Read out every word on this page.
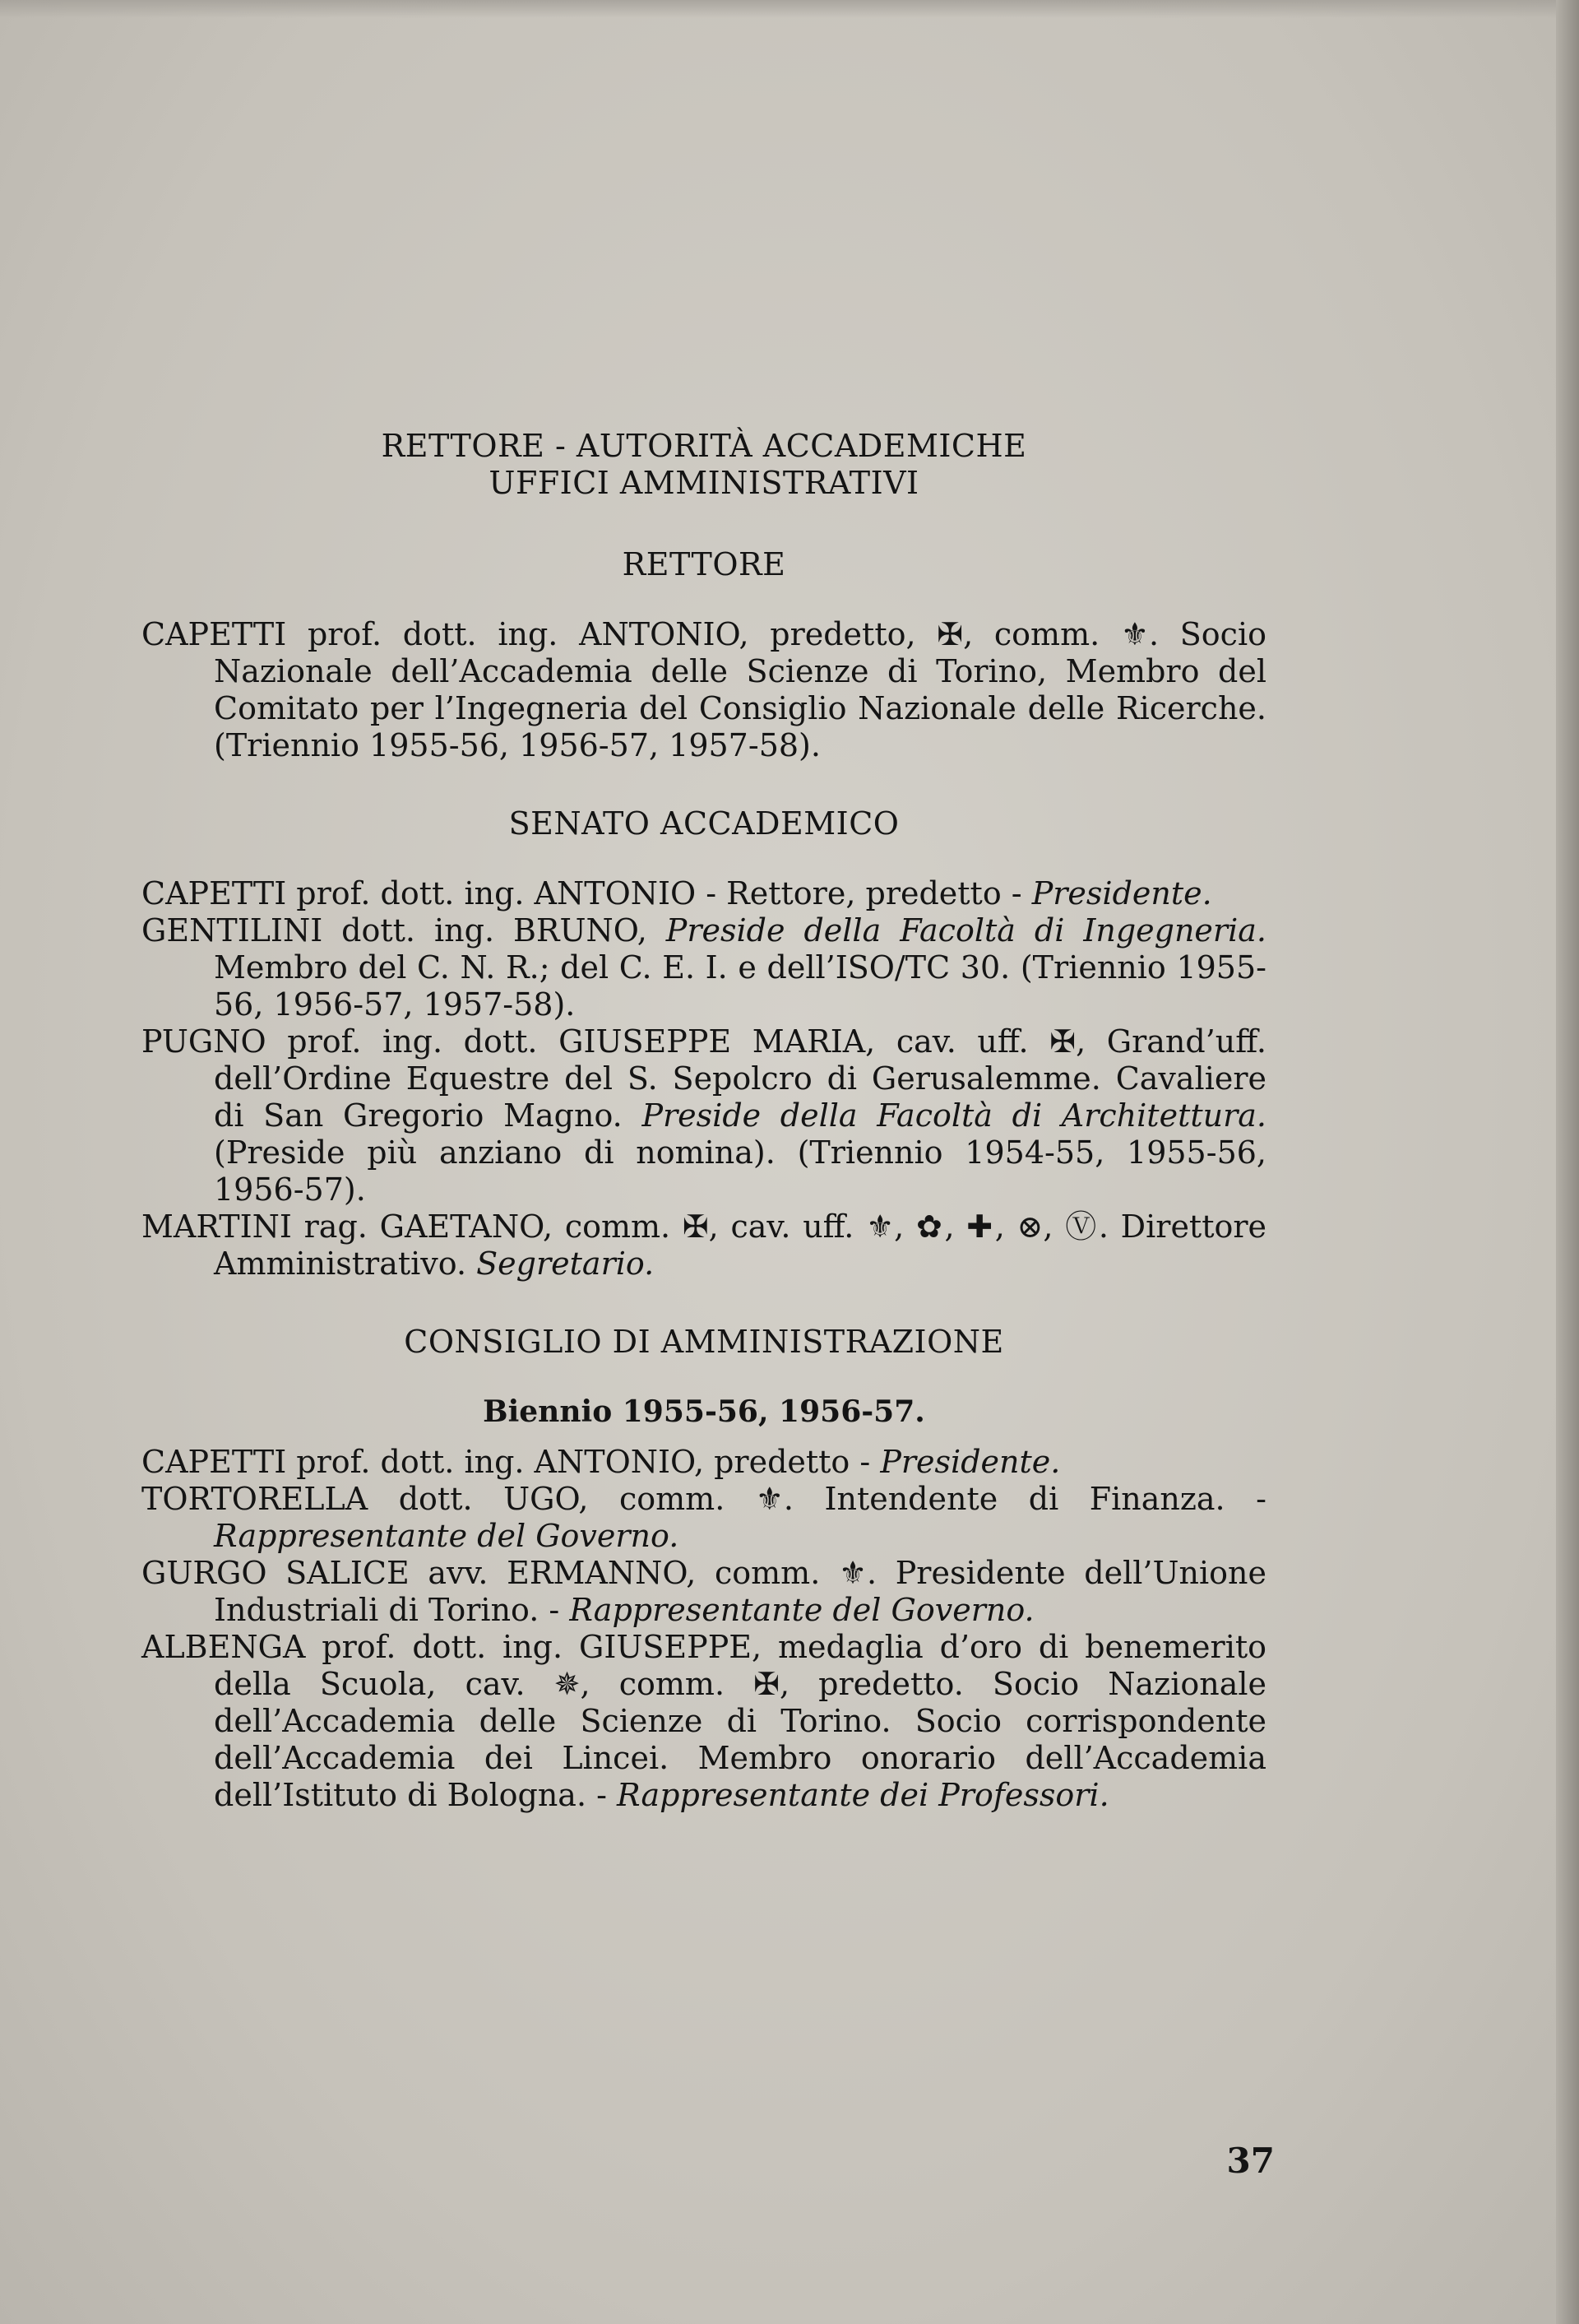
RETTORE - AUTORITÀ ACCADEMICHE

UFFICI AMMINISTRATIVI

RETTORE

CAPETTI prof. dott. ing. ANTONIO, predetto, ✠, comm. ⚜. Socio Nazionale dell’Accademia delle Scienze di Torino, Membro del Comitato per l’Ingegneria del Consiglio Nazionale delle Ricerche. (Triennio 1955-56, 1956-57, 1957-58).

SENATO ACCADEMICO

CAPETTI prof. dott. ing. ANTONIO - Rettore, predetto - Presidente.

GENTILINI dott. ing. BRUNO, Preside della Facoltà di Ingegneria. Membro del C. N. R.; del C. E. I. e dell’ISO/TC 30. (Triennio 1955-56, 1956-57, 1957-58).

PUGNO prof. ing. dott. GIUSEPPE MARIA, cav. uff. ✠, Grand’uff. dell’Ordine Equestre del S. Sepolcro di Gerusalemme. Cavaliere di San Gregorio Magno. Preside della Facoltà di Architettura. (Preside più anziano di nomina). (Triennio 1954-55, 1955-56, 1956-57).

MARTINI rag. GAETANO, comm. ✠, cav. uff. ⚜, ✿, ✚, ⊗, Ⓥ. Direttore Amministrativo. Segretario.

CONSIGLIO DI AMMINISTRAZIONE

Biennio 1955-56, 1956-57.

CAPETTI prof. dott. ing. ANTONIO, predetto - Presidente.

TORTORELLA dott. UGO, comm. ⚜. Intendente di Finanza. - Rappresentante del Governo.

GURGO SALICE avv. ERMANNO, comm. ⚜. Presidente dell’Unione Industriali di Torino. - Rappresentante del Governo.

ALBENGA prof. dott. ing. GIUSEPPE, medaglia d’oro di benemerito della Scuola, cav. ✵, comm. ✠, predetto. Socio Nazionale dell’Accademia delle Scienze di Torino. Socio corrispondente dell’Accademia dei Lincei. Membro onorario dell’Accademia dell’Istituto di Bologna. - Rappresentante dei Professori.

37
